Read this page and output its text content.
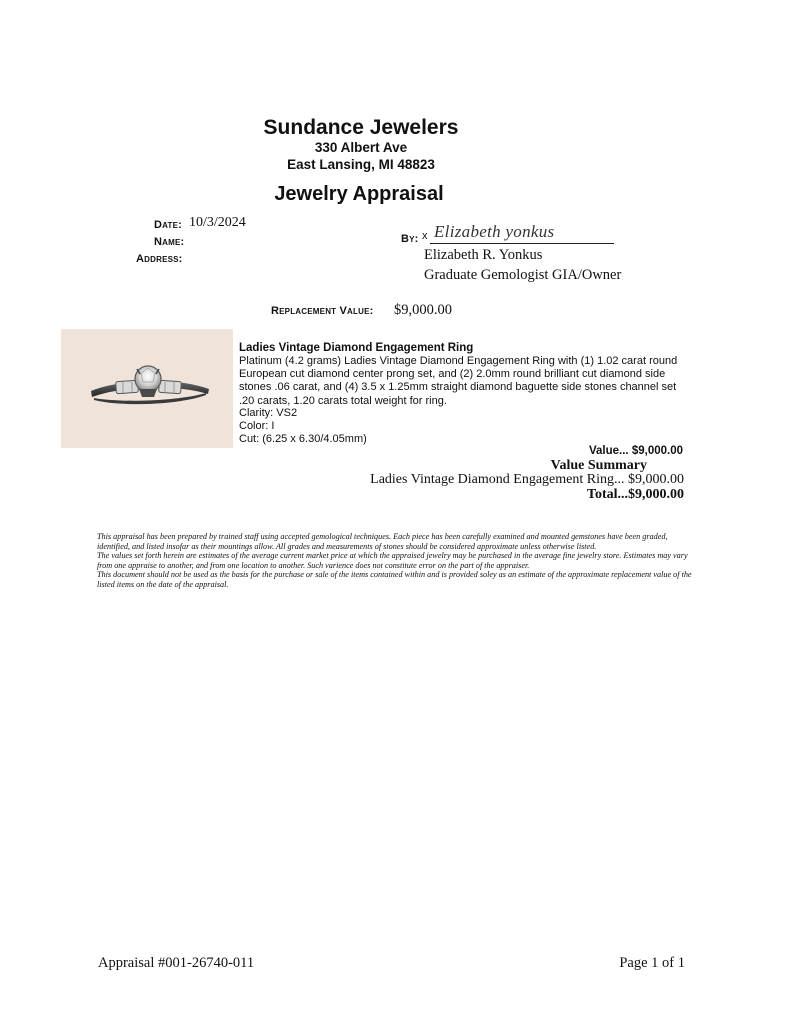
Sundance Jewelers
330 Albert Ave
East Lansing, MI 48823
Jewelry Appraisal
Date: 10/3/2024
Name:
Address:
By: x Elizabeth yonkus
Elizabeth R. Yonkus
Graduate Gemologist GIA/Owner
Replacement Value: $9,000.00
Ladies Vintage Diamond Engagement Ring
Platinum (4.2 grams) Ladies Vintage Diamond Engagement Ring with (1) 1.02 carat round European cut diamond center prong set, and (2) 2.0mm round brilliant cut diamond side stones .06 carat, and (4) 3.5 x 1.25mm straight diamond baguette side stones channel set .20 carats, 1.20 carats total weight for ring.
Clarity: VS2
Color: I
Cut: (6.25 x 6.30/4.05mm)
Value... $9,000.00
Value Summary
Ladies Vintage Diamond Engagement Ring... $9,000.00
Total...$9,000.00

This appraisal has been prepared by trained staff using accepted gemological techniques. Each piece has been carefully examined and mounted gemstones have been graded, identified, and listed insofar as their mountings allow. All grades and measurements of stones should be considered approximate unless otherwise listed.

The values set forth herein are estimates of the average current market price at which the appraised jewelry may be purchased in the average fine jewelry store. Estimates may vary from one appraise to another, and from one location to another. Such varience does not constitute error on the part of the appraiser.

This document should not be used as the basis for the purchase or sale of the items contained within and is provided soley as an estimate of the approximate replacement value of the listed items on the date of the appraisal.

Appraisal #001-26740-011	Page 1 of 1
